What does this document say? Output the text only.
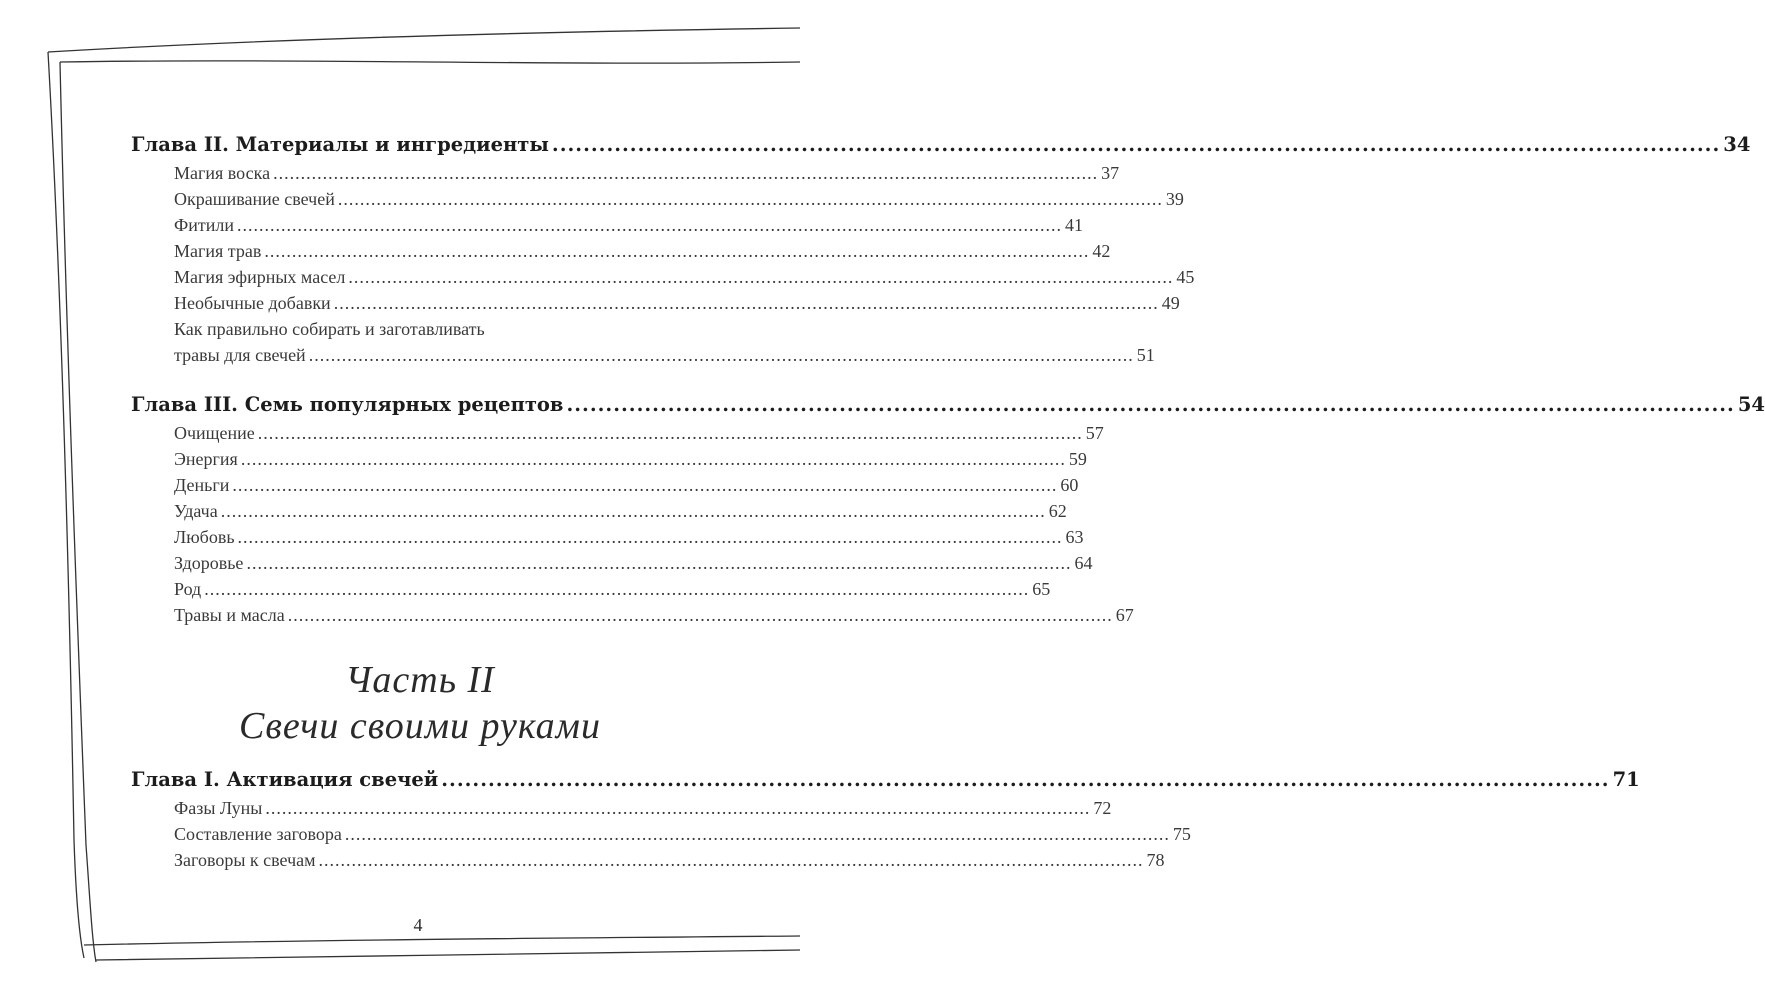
Глава II. Материалы и ингредиенты ...................................................................................................................................................... 34
Магия воска ...................................................................................................................................................... 37
Окрашивание свечей ...................................................................................................................................................... 39
Фитили ...................................................................................................................................................... 41
Магия трав ...................................................................................................................................................... 42
Магия эфирных масел ...................................................................................................................................................... 45
Необычные добавки ...................................................................................................................................................... 49
Как правильно собирать и заготавливать
травы для свечей ...................................................................................................................................................... 51
Глава III. Семь популярных рецептов ...................................................................................................................................................... 54
Очищение ...................................................................................................................................................... 57
Энергия ...................................................................................................................................................... 59
Деньги ...................................................................................................................................................... 60
Удача ...................................................................................................................................................... 62
Любовь ...................................................................................................................................................... 63
Здоровье ...................................................................................................................................................... 64
Род ...................................................................................................................................................... 65
Травы и масла ...................................................................................................................................................... 67
Часть II
Свечи своими руками
Глава I. Активация свечей ...................................................................................................................................................... 71
Фазы Луны ...................................................................................................................................................... 72
Составление заговора ...................................................................................................................................................... 75
Заговоры к свечам ...................................................................................................................................................... 78
4
